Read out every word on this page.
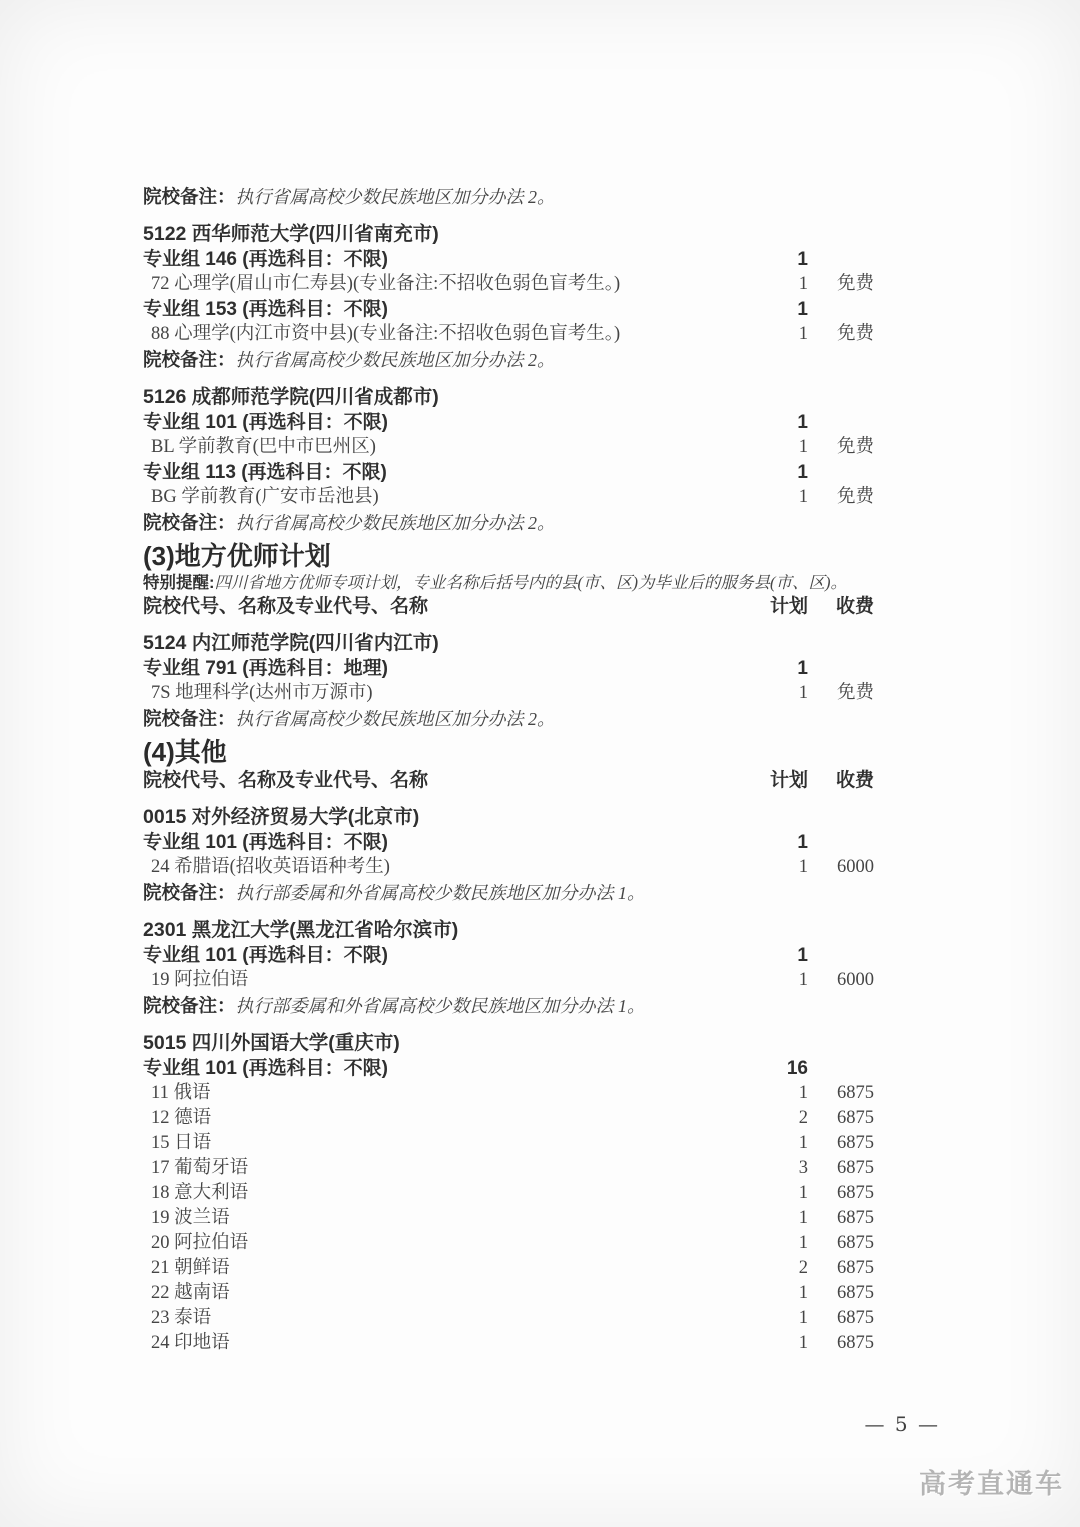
院校备注：执行省属高校少数民族地区加分办法 2。
5122 西华师范大学(四川省南充市)
专业组 146 (再选科目：不限)	1
72 心理学(眉山市仁寿县)(专业备注:不招收色弱色盲考生。)	1	免费
专业组 153 (再选科目：不限)	1
88 心理学(内江市资中县)(专业备注:不招收色弱色盲考生。)	1	免费
院校备注：执行省属高校少数民族地区加分办法 2。
5126 成都师范学院(四川省成都市)
专业组 101 (再选科目：不限)	1
BL 学前教育(巴中市巴州区)	1	免费
专业组 113 (再选科目：不限)	1
BG 学前教育(广安市岳池县)	1	免费
院校备注：执行省属高校少数民族地区加分办法 2。
(3)地方优师计划
特别提醒:四川省地方优师专项计划，专业名称后括号内的县(市、区)为毕业后的服务县(市、区)。
院校代号、名称及专业代号、名称	计划	收费
5124 内江师范学院(四川省内江市)
专业组 791 (再选科目：地理)	1
7S 地理科学(达州市万源市)	1	免费
院校备注：执行省属高校少数民族地区加分办法 2。
(4)其他
院校代号、名称及专业代号、名称	计划	收费
0015 对外经济贸易大学(北京市)
专业组 101 (再选科目：不限)	1
24 希腊语(招收英语语种考生)	1	6000
院校备注：执行部委属和外省属高校少数民族地区加分办法 1。
2301 黑龙江大学(黑龙江省哈尔滨市)
专业组 101 (再选科目：不限)	1
19 阿拉伯语	1	6000
院校备注：执行部委属和外省属高校少数民族地区加分办法 1。
5015 四川外国语大学(重庆市)
专业组 101 (再选科目：不限)	16
11 俄语	1	6875
12 德语	2	6875
15 日语	1	6875
17 葡萄牙语	3	6875
18 意大利语	1	6875
19 波兰语	1	6875
20 阿拉伯语	1	6875
21 朝鲜语	2	6875
22 越南语	1	6875
23 泰语	1	6875
24 印地语	1	6875
— 5 —
高考直通车
